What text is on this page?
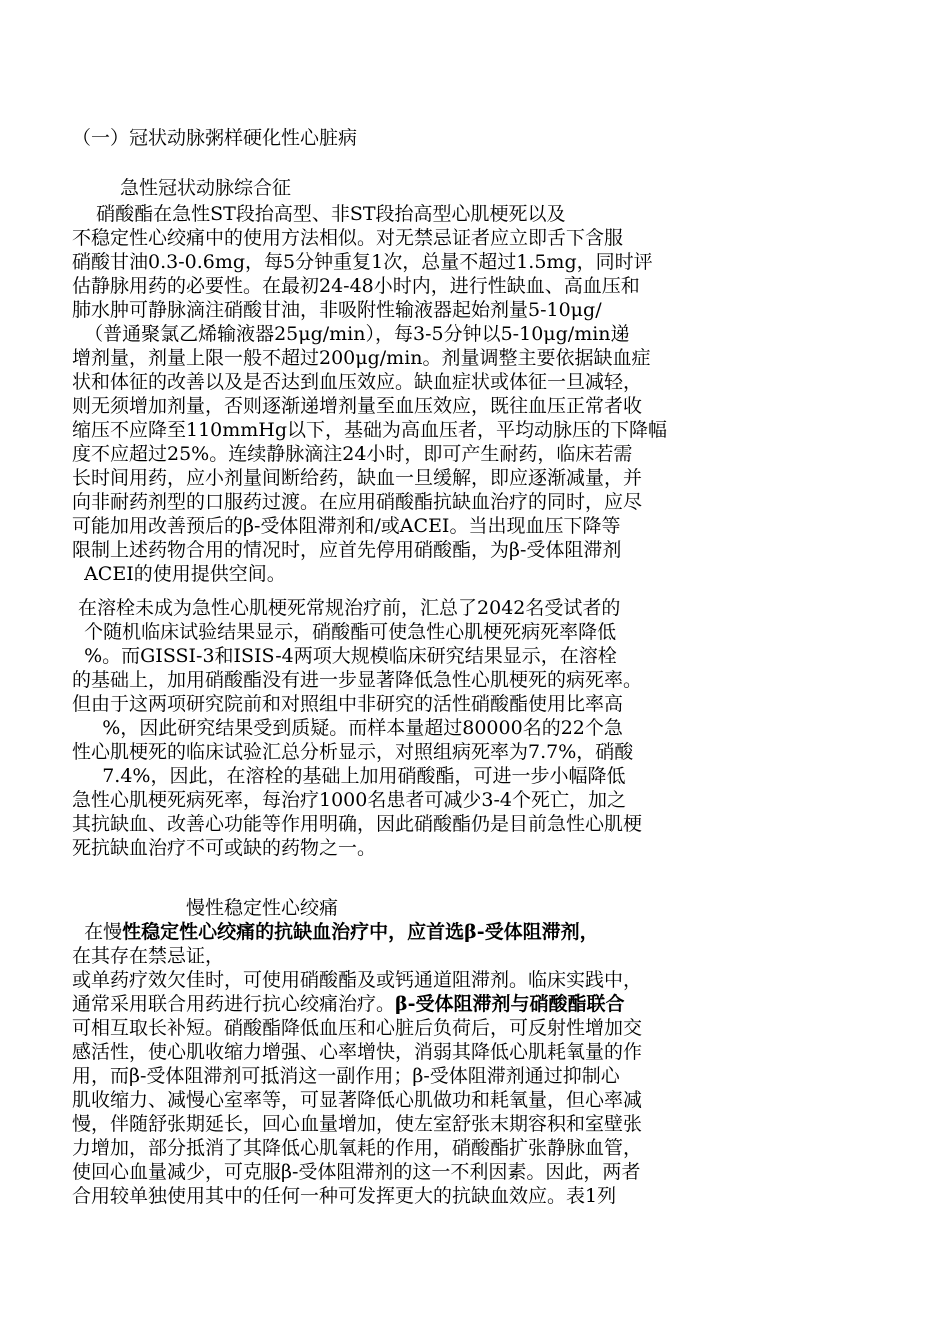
（一）冠状动脉粥样硬化性心脏病
急性冠状动脉综合征
硝酸酯在急性ST段抬高型、非ST段抬高型心肌梗死以及
不稳定性心绞痛中的使用方法相似。对无禁忌证者应立即舌下含服
硝酸甘油0.3-0.6mg，每5分钟重复1次，总量不超过1.5mg，同时评
估静脉用药的必要性。在最初24-48小时内，进行性缺血、高血压和
肺水肿可静脉滴注硝酸甘油，非吸附性输液器起始剂量5-10μg/
（普通聚氯乙烯输液器25μg/min），每3-5分钟以5-10μg/min递
增剂量，剂量上限一般不超过200μg/min。剂量调整主要依据缺血症
状和体征的改善以及是否达到血压效应。缺血症状或体征一旦减轻，
则无须增加剂量，否则逐渐递增剂量至血压效应，既往血压正常者收
缩压不应降至110mmHg以下，基础为高血压者，平均动脉压的下降幅
度不应超过25%。连续静脉滴注24小时，即可产生耐药，临床若需
长时间用药，应小剂量间断给药，缺血一旦缓解，即应逐渐减量，并
向非耐药剂型的口服药过渡。在应用硝酸酯抗缺血治疗的同时，应尽
可能加用改善预后的β-受体阻滞剂和/或ACEI。当出现血压下降等
限制上述药物合用的情况时，应首先停用硝酸酯，为β-受体阻滞剂
ACEI的使用提供空间。
在溶栓未成为急性心肌梗死常规治疗前，汇总了2042名受试者的
个随机临床试验结果显示，硝酸酯可使急性心肌梗死病死率降低
%。而GISSI-3和ISIS-4两项大规模临床研究结果显示，在溶栓
的基础上，加用硝酸酯没有进一步显著降低急性心肌梗死的病死率。
但由于这两项研究院前和对照组中非研究的活性硝酸酯使用比率高
%，因此研究结果受到质疑。而样本量超过80000名的22个急
性心肌梗死的临床试验汇总分析显示，对照组病死率为7.7%，硝酸
7.4%，因此，在溶栓的基础上加用硝酸酯，可进一步小幅降低
急性心肌梗死病死率，每治疗1000名患者可减少3-4个死亡，加之
其抗缺血、改善心功能等作用明确，因此硝酸酯仍是目前急性心肌梗
死抗缺血治疗不可或缺的药物之一。
慢性稳定性心绞痛
在慢性稳定性心绞痛的抗缺血治疗中，应首选β-受体阻滞剂，
在其存在禁忌证，
或单药疗效欠佳时，可使用硝酸酯及或钙通道阻滞剂。临床实践中，
通常采用联合用药进行抗心绞痛治疗。β-受体阻滞剂与硝酸酯联合
可相互取长补短。硝酸酯降低血压和心脏后负荷后，可反射性增加交
感活性，使心肌收缩力增强、心率增快，消弱其降低心肌耗氧量的作
用，而β-受体阻滞剂可抵消这一副作用；β-受体阻滞剂通过抑制心
肌收缩力、减慢心室率等，可显著降低心肌做功和耗氧量，但心率减
慢，伴随舒张期延长，回心血量增加，使左室舒张末期容积和室壁张
力增加，部分抵消了其降低心肌氧耗的作用，硝酸酯扩张静脉血管，
使回心血量减少，可克服β-受体阻滞剂的这一不利因素。因此，两者
合用较单独使用其中的任何一种可发挥更大的抗缺血效应。表1列
